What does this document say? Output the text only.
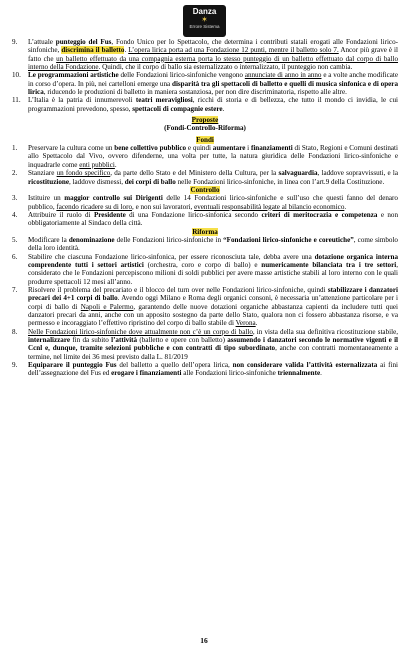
Danza
✶
Errore Sistema
9.	L’attuale punteggio del Fus, Fondo Unico per lo Spettacolo, che determina i contributi statali erogati alle Fondazioni lirico-sinfoniche, discrimina il balletto. L’opera lirica porta ad una Fondazione 12 punti, mentre il balletto solo 7. Ancor più grave è il fatto che un balletto effettuato da una compagnia esterna porta lo stesso punteggio di un balletto effettuato dal corpo di ballo interno della Fondazione. Quindi, che il corpo di ballo sia esternalizzato o internalizzato, il punteggio non cambia.
10.	Le programmazioni artistiche delle Fondazioni lirico-sinfoniche vengono annunciate di anno in anno e a volte anche modificate in corso d’opera. In più, nei cartelloni emerge una disparità tra gli spettacoli di balletto e quelli di musica sinfonica e di opera lirica, riducendo le produzioni di balletto in maniera sostanziosa, per non dire discriminatoria, rispetto alle altre.
11.	L’Italia è la patria di innumerevoli teatri meravigliosi, ricchi di storia e di bellezza, che tutto il mondo ci invidia, le cui programmazioni prevedono, spesso, spettacoli di compagnie estere.

Proposte

(Fondi-Controllo-Riforma)

Fondi

1.	Preservare la cultura come un bene collettivo pubblico e quindi aumentare i finanziamenti di Stato, Regioni e Comuni destinati allo Spettacolo dal Vivo, ovvero difenderne, una volta per tutte, la natura giuridica delle Fondazioni lirico-sinfoniche e inquadrarle come enti pubblici.
2.	Stanziare un fondo specifico, da parte dello Stato e del Ministero della Cultura, per la salvaguardia, laddove sopravvissuti, e la ricostituzione, laddove dismessi, dei corpi di ballo nelle Fondazioni lirico-sinfoniche, in linea con l’art.9 della Costituzione.

Controllo

3.	Istituire un maggior controllo sui Dirigenti delle 14 Fondazioni lirico-sinfoniche e sull’uso che questi fanno del denaro pubblico, facendo ricadere su di loro, e non sui lavoratori, eventuali responsabilità legate al bilancio economico.
4.	Attribuire il ruolo di Presidente di una Fondazione lirico-sinfonica secondo criteri di meritocrazia e competenza e non obbligatoriamente al Sindaco della città.

Riforma

5.	Modificare la denominazione delle Fondazioni lirico-sinfoniche in “Fondazioni lirico-sinfoniche e coreutiche”, come simbolo della loro identità.
6.	Stabilire che ciascuna Fondazione lirico-sinfonica, per essere riconosciuta tale, debba avere una dotazione organica interna comprendente tutti i settori artistici (orchestra, coro e corpo di ballo) e numericamente bilanciata tra i tre settori, considerato che le Fondazioni percepiscono milioni di soldi pubblici per avere masse artistiche stabili al loro interno con le quali produrre spettacoli 12 mesi all’anno.
7.	Risolvere il problema del precariato e il blocco del turn over nelle Fondazioni lirico-sinfoniche, quindi stabilizzare i danzatori precari dei 4+1 corpi di ballo. Avendo oggi Milano e Roma degli organici consoni, è necessaria un’attenzione particolare per i corpi di ballo di Napoli e Palermo, garantendo delle nuove dotazioni organiche abbastanza capienti da includere tutti quei danzatori precari da anni, anche con un apposito sostegno da parte dello Stato, qualora non ci fossero abbastanza risorse, e va permesso e incoraggiato l’effettivo ripristino del corpo di ballo stabile di Verona.
8.	Nelle Fondazioni lirico-sinfoniche dove attualmente non c’è un corpo di ballo, in vista della sua definitiva ricostituzione stabile, internalizzare fin da subito l’attività (balletto e opere con balletto) assumendo i danzatori secondo le normative vigenti e il Ccnl e, dunque, tramite selezioni pubbliche e con contratti di tipo subordinato, anche con contratti momentaneamente a termine, nel limite dei 36 mesi previsto dalla L. 81/2019
9.	Equiparare il punteggio Fus del balletto a quello dell’opera lirica, non considerare valida l’attività esternalizzata ai fini dell’assegnazione del Fus ed erogare i finanziamenti alle Fondazioni lirico-sinfoniche triennalmente.
16
